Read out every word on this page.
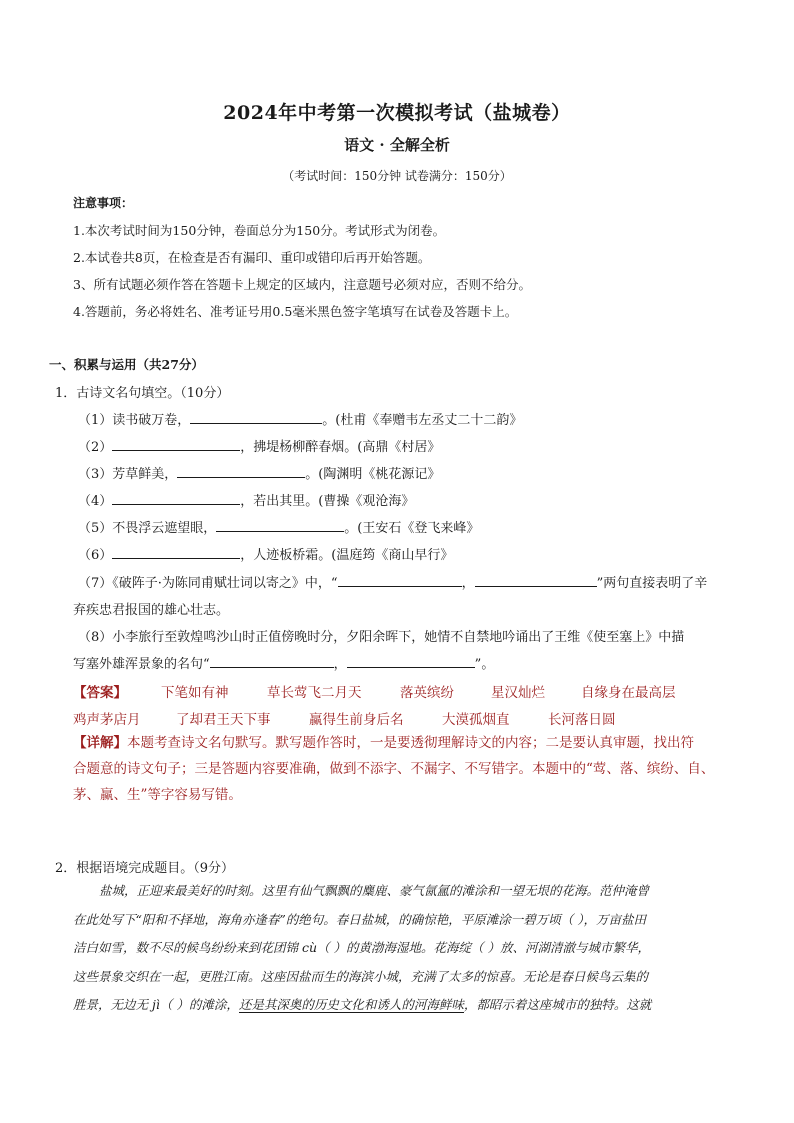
2024年中考第一次模拟考试（盐城卷）
语文 · 全解全析
（考试时间：150分钟 试卷满分：150分）
注意事项：
1.本次考试时间为150分钟，卷面总分为150分。考试形式为闭卷。
2.本试卷共8页，在检查是否有漏印、重印或错印后再开始答题。
3、所有试题必须作答在答题卡上规定的区域内，注意题号必须对应，否则不给分。
4.答题前，务必将姓名、准考证号用0.5毫米黑色签字笔填写在试卷及答题卡上。
一、积累与运用（共27分）
1．古诗文名句填空。（10分）
（1）读书破万卷，	。(杜甫《奉赠韦左丞丈二十二韵》
（2）	，拂堤杨柳醉春烟。(高鼎《村居》
（3）芳草鲜美，	。(陶渊明《桃花源记》
（4）	，若出其里。(曹操《观沧海》
（5）不畏浮云遮望眼，	。(王安石《登飞来峰》
（6）	，人迹板桥霜。(温庭筠《商山早行》
（7）《破阵子·为陈同甫赋壮词以寄之》中，“	，	”两句直接表明了辛
弃疾忠君报国的雄心壮志。
（8）小李旅行至敦煌鸣沙山时正值傍晚时分，夕阳余晖下，她情不自禁地吟诵出了王维《使至塞上》中描
写塞外雄浑景象的名句“	，	”。
【答案】	下笔如有神	草长莺飞二月天	落英缤纷	星汉灿烂	自缘身在最高层
鸡声茅店月	了却君王天下事	赢得生前身后名	大漠孤烟直	长河落日圆
【详解】本题考查诗文名句默写。默写题作答时，一是要透彻理解诗文的内容；二是要认真审题，找出符
合题意的诗文句子；三是答题内容要准确，做到不添字、不漏字、不写错字。本题中的“莺、落、缤纷、自、
茅、赢、生”等字容易写错。
2．根据语境完成题目。（9分）
盐城，正迎来最美好的时刻。这里有仙气飘飘的麋鹿、豪气氤氲的滩涂和一望无垠的花海。范仲淹曾
在此处写下“阳和不择地，海角亦逢春”的绝句。春日盐城，的确惊艳，平原滩涂一碧万顷（ ），万亩盐田
洁白如雪，数不尽的候鸟纷纷来到花团锦 cù（ ）的黄渤海湿地。花海绽（ ）放、河湖清澈与城市繁华，
这些景象交织在一起，更胜江南。这座因盐而生的海滨小城，充满了太多的惊喜。无论是春日候鸟云集的
胜景，无边无 jì（ ）的滩涂，还是其深奥的历史文化和诱人的河海鲜味，都昭示着这座城市的独特。这就
